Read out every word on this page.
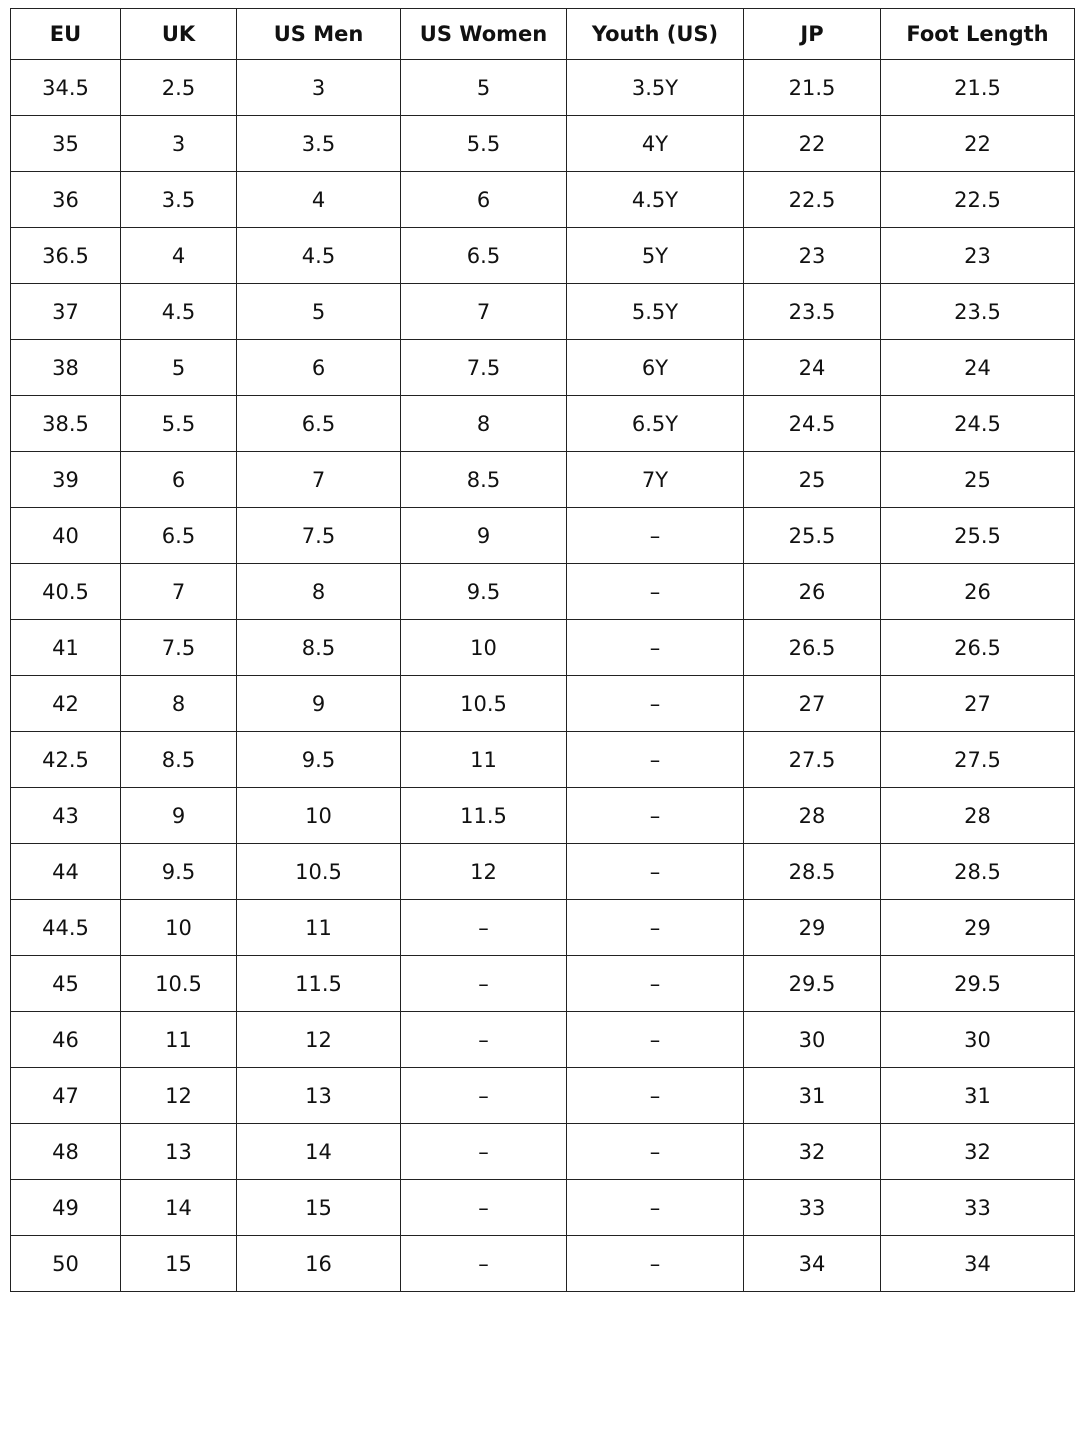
EU	UK	US Men	US Women	Youth (US)	JP	Foot Length
34.5	2.5	3	5	3.5Y	21.5	21.5
35	3	3.5	5.5	4Y	22	22
36	3.5	4	6	4.5Y	22.5	22.5
36.5	4	4.5	6.5	5Y	23	23
37	4.5	5	7	5.5Y	23.5	23.5
38	5	6	7.5	6Y	24	24
38.5	5.5	6.5	8	6.5Y	24.5	24.5
39	6	7	8.5	7Y	25	25
40	6.5	7.5	9	–	25.5	25.5
40.5	7	8	9.5	–	26	26
41	7.5	8.5	10	–	26.5	26.5
42	8	9	10.5	–	27	27
42.5	8.5	9.5	11	–	27.5	27.5
43	9	10	11.5	–	28	28
44	9.5	10.5	12	–	28.5	28.5
44.5	10	11	–	–	29	29
45	10.5	11.5	–	–	29.5	29.5
46	11	12	–	–	30	30
47	12	13	–	–	31	31
48	13	14	–	–	32	32
49	14	15	–	–	33	33
50	15	16	–	–	34	34
